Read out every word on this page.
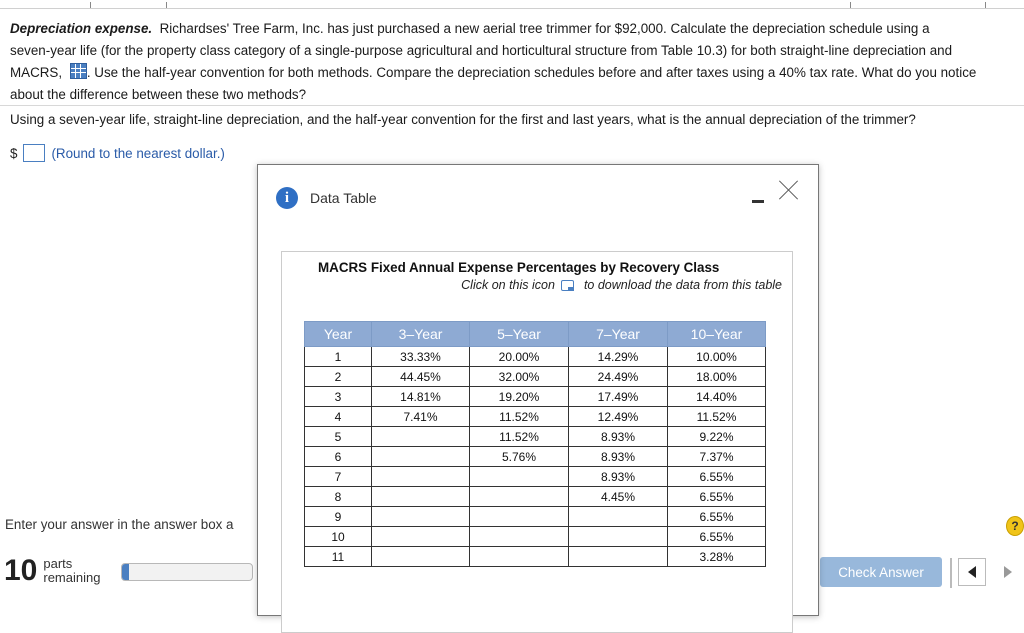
Depreciation expense. Richardses' Tree Farm, Inc. has just purchased a new aerial tree trimmer for $92,000. Calculate the depreciation schedule using a
seven-year life (for the property class category of a single-purpose agricultural and horticultural structure from Table 10.3) for both straight-line depreciation and
MACRS, . Use the half-year convention for both methods. Compare the depreciation schedules before and after taxes using a 40% tax rate. What do you notice
about the difference between these two methods?
Using a seven-year life, straight-line depreciation, and the half-year convention for the first and last years, what is the annual depreciation of the trimmer?
$	(Round to the nearest dollar.)
Enter your answer in the answer box a	?
10 parts
remaining	Check Answer
i	Data Table
MACRS Fixed Annual Expense Percentages by Recovery Class
Click on this icon to download the data from this table
Year	3–Year	5–Year	7–Year	10–Year
1	33.33%	20.00%	14.29%	10.00%
2	44.45%	32.00%	24.49%	18.00%
3	14.81%	19.20%	17.49%	14.40%
4	7.41%	11.52%	12.49%	11.52%
5		11.52%	8.93%	9.22%
6		5.76%	8.93%	7.37%
7			8.93%	6.55%
8			4.45%	6.55%
9				6.55%
10				6.55%
11				3.28%
